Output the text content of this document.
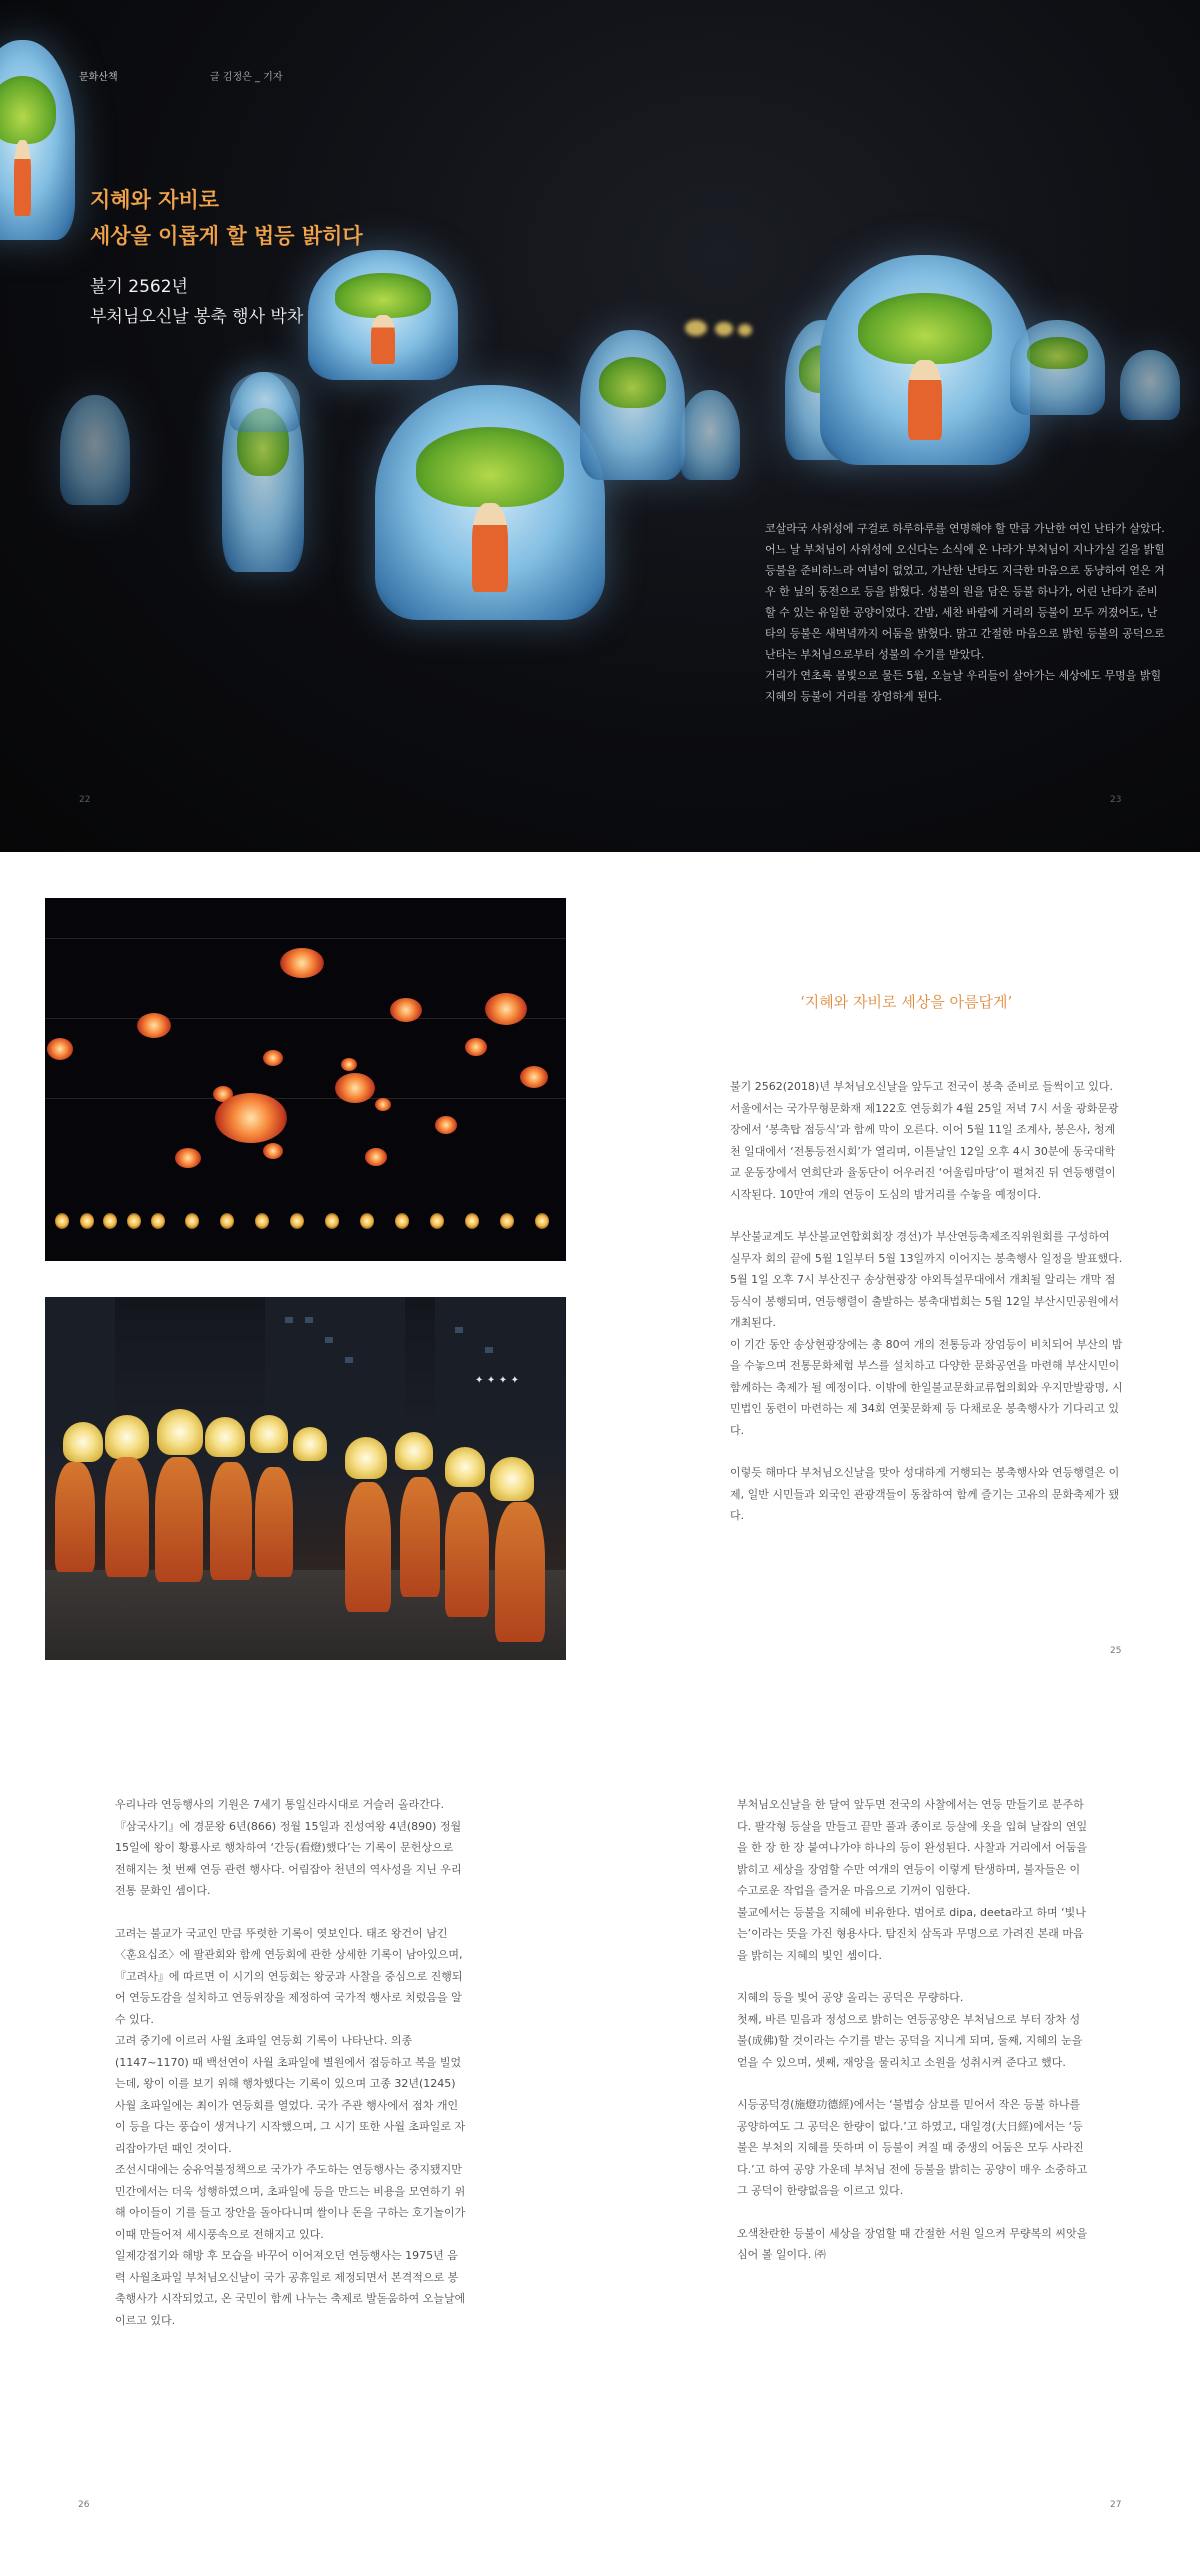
문화산책	글 김정은 _ 기자
지혜와 자비로
세상을 이롭게 할 법등 밝히다
불기 2562년
부처님오신날 봉축 행사 박차

코살라국 사위성에 구걸로 하루하루를 연명해야 할 만큼 가난한 여인 난타가 살았다. 어느 날 부처님이 사위성에 오신다는 소식에 온 나라가 부처님이 지나가실 길을 밝힐 등불을 준비하느라 여념이 없었고, 가난한 난타도 지극한 마음으로 동냥하여 얻은 겨우 한 닢의 동전으로 등을 밝혔다. 성불의 원을 담은 등불 하나가, 어린 난타가 준비할 수 있는 유일한 공양이었다. 간밤, 세찬 바람에 거리의 등불이 모두 꺼졌어도, 난타의 등불은 새벽녘까지 어둠을 밝혔다. 맑고 간절한 마음으로 밝힌 등불의 공덕으로 난타는 부처님으로부터 성불의 수기를 받았다.

거리가 연초록 봄빛으로 물든 5월, 오늘날 우리들이 살아가는 세상에도 무명을 밝힐 지혜의 등불이 거리를 장엄하게 된다.

22	23
✦ ✦ ✦ ✦
‘지혜와 자비로 세상을 아름답게’

불기 2562(2018)년 부처님오신날을 앞두고 전국이 봉축 준비로 들썩이고 있다.

서울에서는 국가무형문화재 제122호 연등회가 4월 25일 저녁 7시 서울 광화문광장에서 ‘봉축탑 점등식’과 함께 막이 오른다. 이어 5월 11일 조계사, 봉은사, 청계천 일대에서 ‘전통등전시회’가 열리며, 이튿날인 12일 오후 4시 30분에 동국대학교 운동장에서 연희단과 율동단이 어우러진 ‘어울림마당’이 펼쳐진 뒤 연등행렬이 시작된다. 10만여 개의 연등이 도심의 밤거리를 수놓을 예정이다.

부산불교계도 부산불교연합회회장 경선)가 부산연등축제조직위원회를 구성하여 실무자 회의 끝에 5월 1일부터 5월 13일까지 이어지는 봉축행사 일정을 발표했다. 5월 1일 오후 7시 부산진구 송상현광장 야외특설무대에서 개최될 알리는 개막 점등식이 봉행되며, 연등행렬이 출발하는 봉축대법회는 5월 12일 부산시민공원에서 개최된다.

이 기간 동안 송상현광장에는 총 80여 개의 전통등과 장엄등이 비치되어 부산의 밤을 수놓으며 전통문화체험 부스를 설치하고 다양한 문화공연을 마련해 부산시민이 함께하는 축제가 될 예정이다. 이밖에 한일불교문화교류협의회와 우지만발광명, 시민법인 동련이 마련하는 제 34회 연꽃문화제 등 다채로운 봉축행사가 기다리고 있다.

이렇듯 해마다 부처님오신날을 맞아 성대하게 거행되는 봉축행사와 연등행렬은 이제, 일반 시민들과 외국인 관광객들이 동참하여 함께 즐기는 고유의 문화축제가 됐다.

25

우리나라 연등행사의 기원은 7세기 통일신라시대로 거슬러 올라간다. 『삼국사기』에 경문왕 6년(866) 정월 15일과 진성여왕 4년(890) 정월 15일에 왕이 황룡사로 행차하여 ‘간등(看燈)했다’는 기록이 문헌상으로 전해지는 첫 번째 연등 관련 행사다. 어림잡아 천년의 역사성을 지닌 우리 전통 문화인 셈이다.

고려는 불교가 국교인 만큼 뚜렷한 기록이 엿보인다. 태조 왕건이 남긴 〈훈요십조〉에 팔관회와 함께 연등회에 관한 상세한 기록이 남아있으며, 『고려사』에 따르면 이 시기의 연등회는 왕궁과 사찰을 중심으로 진행되어 연등도감을 설치하고 연등위장을 제정하여 국가적 행사로 치렀음을 알 수 있다.

고려 중기에 이르러 사월 초파일 연등회 기록이 나타난다. 의종(1147~1170) 때 백선연이 사월 초파일에 별원에서 점등하고 복을 빌었는데, 왕이 이를 보기 위해 행차했다는 기록이 있으며 고종 32년(1245) 사월 초파일에는 최이가 연등회를 열었다. 국가 주관 행사에서 점차 개인이 등을 다는 풍습이 생겨나기 시작했으며, 그 시기 또한 사월 초파일로 자리잡아가던 때인 것이다.

조선시대에는 숭유억불정책으로 국가가 주도하는 연등행사는 중지됐지만 민간에서는 더욱 성행하였으며, 초파일에 등을 만드는 비용을 모연하기 위해 아이들이 기를 들고 장안을 돌아다니며 쌀이나 돈을 구하는 호기놀이가 이때 만들어져 세시풍속으로 전해지고 있다.

일제강점기와 해방 후 모습을 바꾸어 이어져오던 연등행사는 1975년 음력 사월초파일 부처님오신날이 국가 공휴일로 제정되면서 본격적으로 봉축행사가 시작되었고, 온 국민이 함께 나누는 축제로 발돋움하여 오늘날에 이르고 있다.

부처님오신날을 한 달여 앞두면 전국의 사찰에서는 연등 만들기로 분주하다. 팔각형 등살을 만들고 끝만 풀과 종이로 등살에 옷을 입혀 날잡의 연잎을 한 장 한 장 붙여나가야 하나의 등이 완성된다. 사찰과 거리에서 어둠을 밝히고 세상을 장엄할 수만 여개의 연등이 이렇게 탄생하며, 불자들은 이 수고로운 작업을 즐거운 마음으로 기꺼이 임한다.

불교에서는 등불을 지혜에 비유한다. 범어로 dipa, deeta라고 하며 ‘빛나는’이라는 뜻을 가진 형용사다. 탐진치 삼독과 무명으로 가려진 본래 마음을 밝히는 지혜의 빛인 셈이다.

지혜의 등을 빛어 공양 올리는 공덕은 무량하다.

첫째, 바른 믿음과 정성으로 밝히는 연등공양은 부처님으로 부터 장차 성불(成佛)할 것이라는 수기를 받는 공덕을 지니게 되며, 둘째, 지혜의 눈을 얻을 수 있으며, 셋째, 재앙을 물리치고 소원을 성취시켜 준다고 했다.

시등공덕경(施燈功德經)에서는 ‘불법승 삼보를 믿어서 작은 등불 하나를 공양하여도 그 공덕은 한량이 없다.’고 하였고, 대일경(大日經)에서는 ‘등불은 부처의 지혜를 뜻하며 이 등불이 켜질 때 중생의 어둠은 모두 사라진다.’고 하여 공양 가운데 부처님 전에 등불을 밝히는 공양이 매우 소중하고 그 공덕이 한량없음을 이르고 있다.

오색찬란한 등불이 세상을 장엄할 때 간절한 서원 일으켜 무량복의 씨앗을 심어 볼 일이다. ㈜

26	27
